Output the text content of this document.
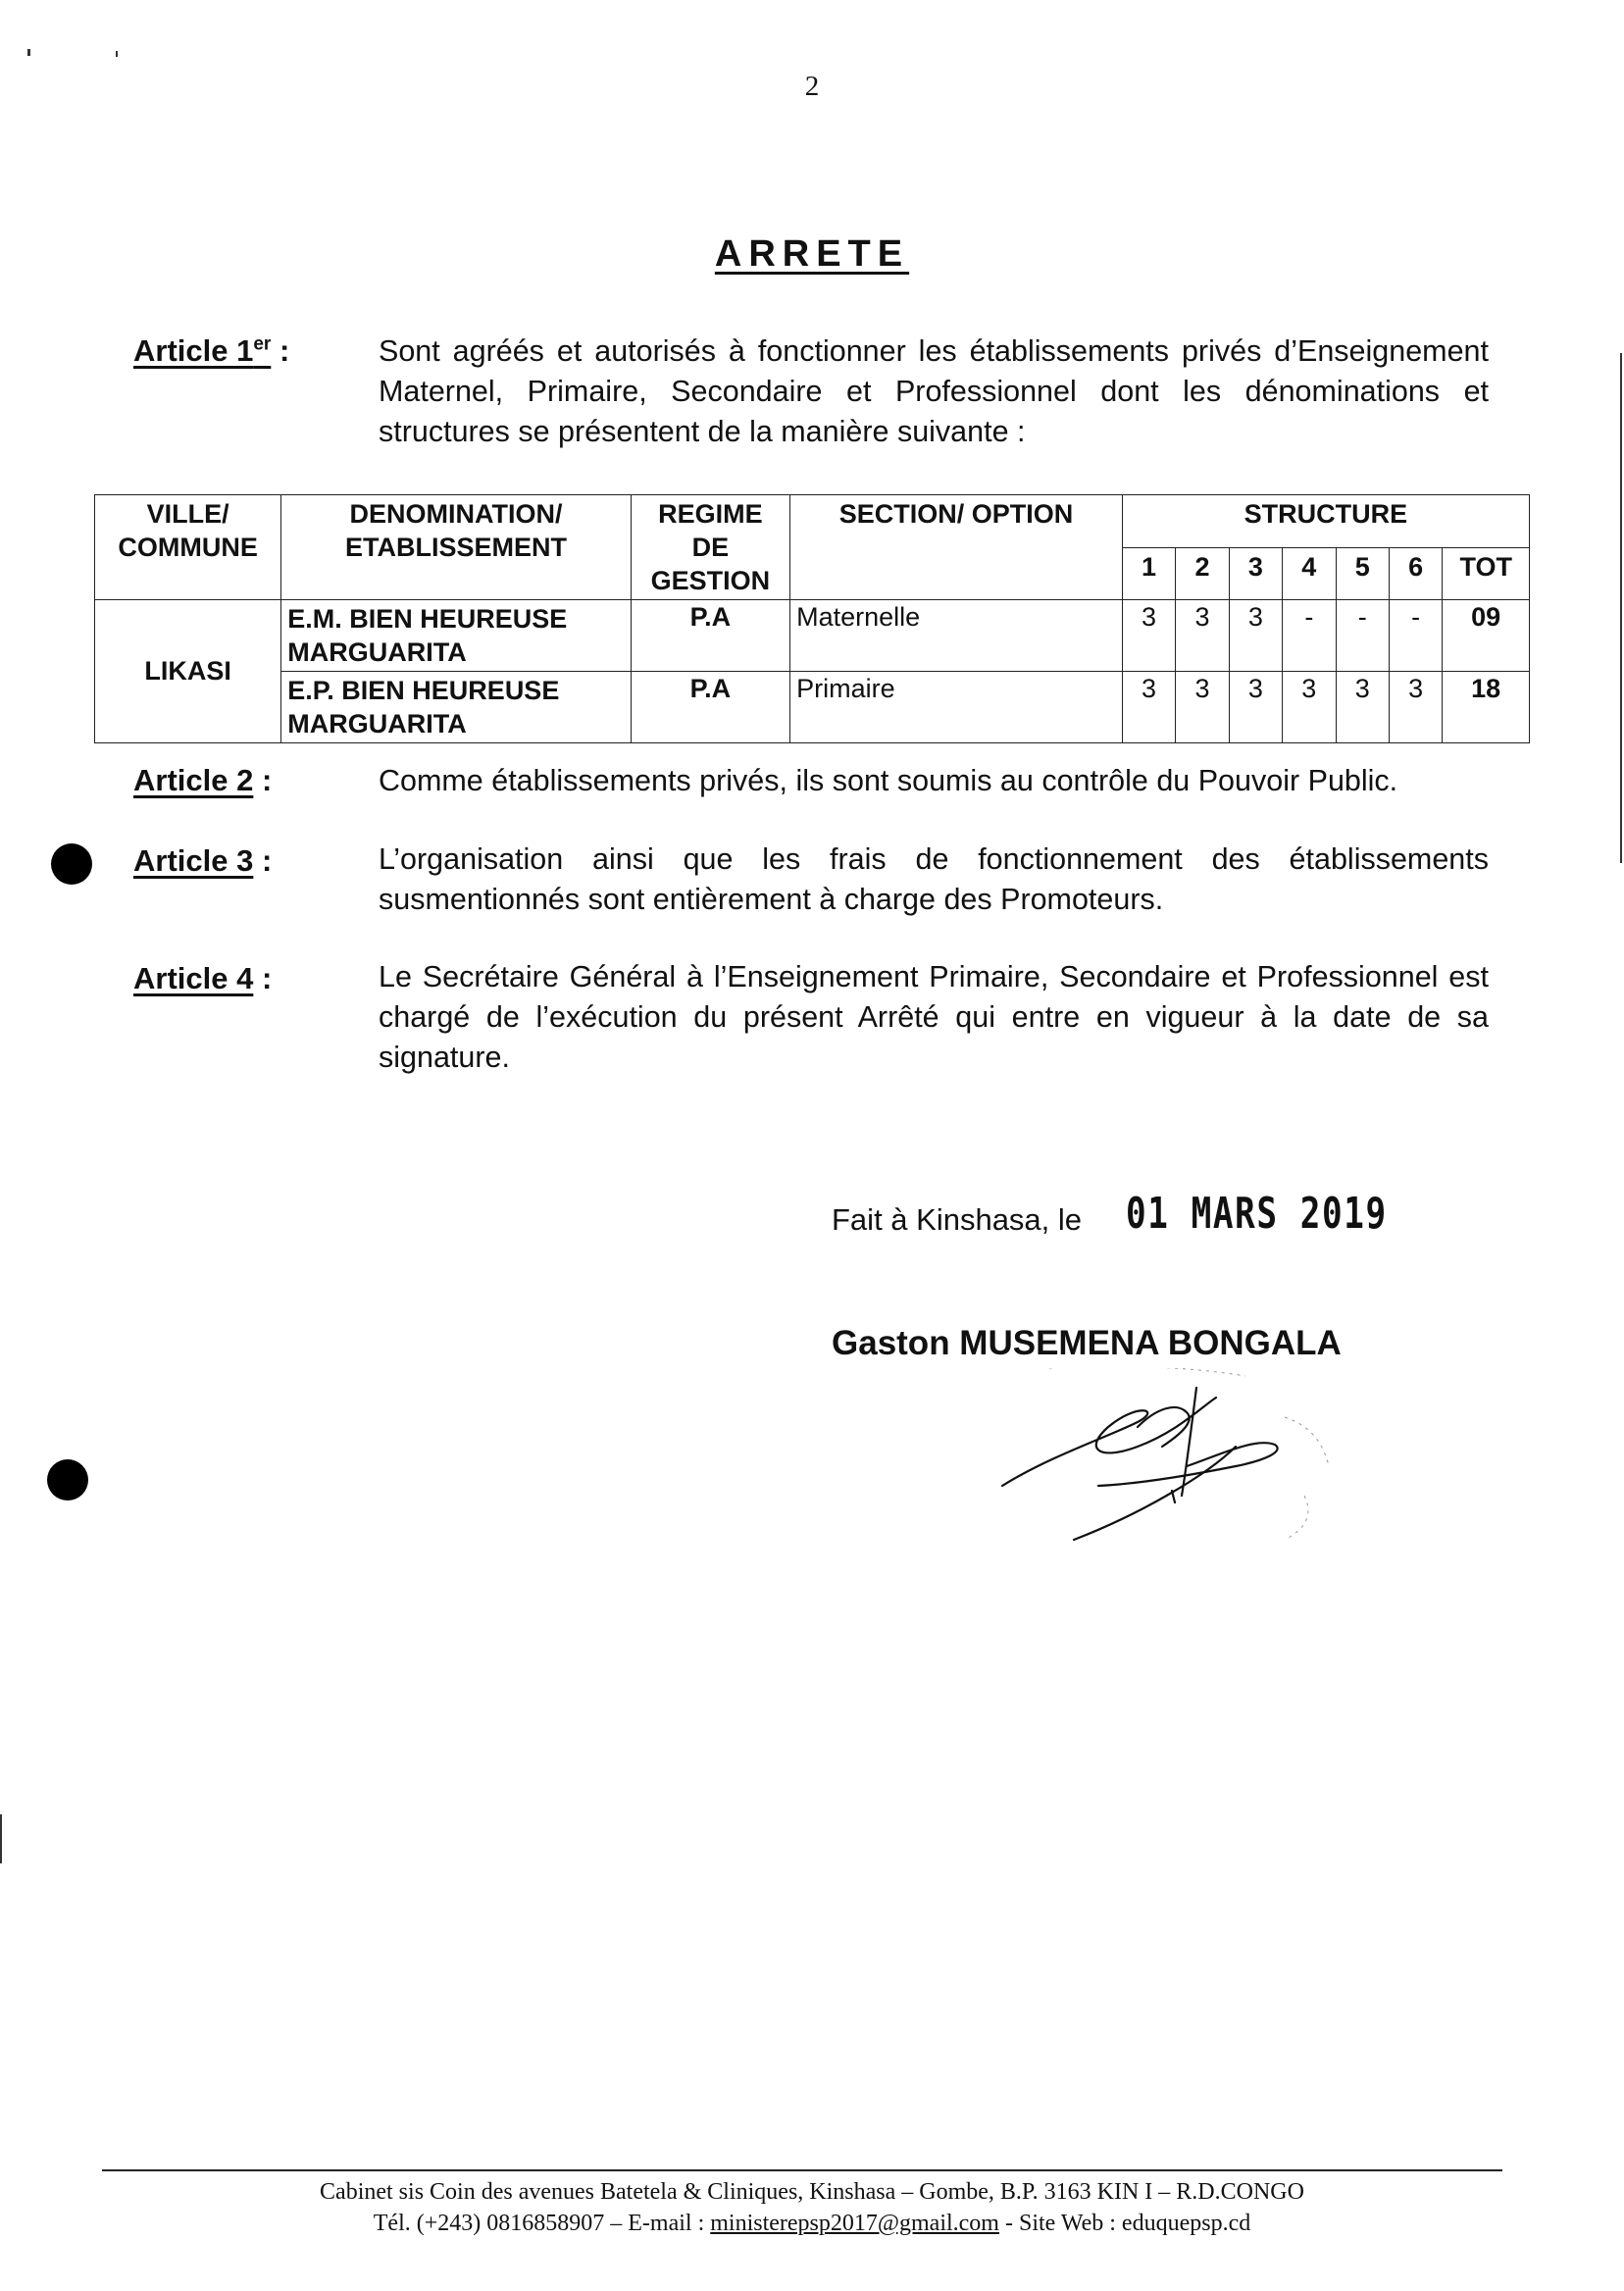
2
ARRETE
Article 1er :	Sont agréés et autorisés à fonctionner les établissements privés d’Enseignement Maternel, Primaire, Secondaire et Professionnel dont les dénominations et structures se présentent de la manière suivante :
VILLE/ COMMUNE	DENOMINATION/ ETABLISSEMENT	REGIME DE GESTION	SECTION/ OPTION	STRUCTURE						
				1	2	3	4	5	6	TOT
LIKASI	E.M. BIEN HEUREUSE MARGUARITA	P.A	Maternelle	3	3	3	-	-	-	09
	E.P. BIEN HEUREUSE MARGUARITA	P.A	Primaire	3	3	3	3	3	3	18
Article 2 :	Comme établissements privés, ils sont soumis au contrôle du Pouvoir Public.
Article 3 :	L’organisation ainsi que les frais de fonctionnement des établissements susmentionnés sont entièrement à charge des Promoteurs.
Article 4 :	Le Secrétaire Général à l’Enseignement Primaire, Secondaire et Professionnel est chargé de l’exécution du présent Arrêté qui entre en vigueur à la date de sa signature.
Fait à Kinshasa, le 01 MARS 2019
Gaston MUSEMENA BONGALA
Cabinet sis Coin des avenues Batetela & Cliniques, Kinshasa – Gombe, B.P. 3163 KIN I – R.D.CONGO
Tél. (+243) 0816858907 – E-mail : ministerepsp2017@gmail.com - Site Web : eduquepsp.cd
